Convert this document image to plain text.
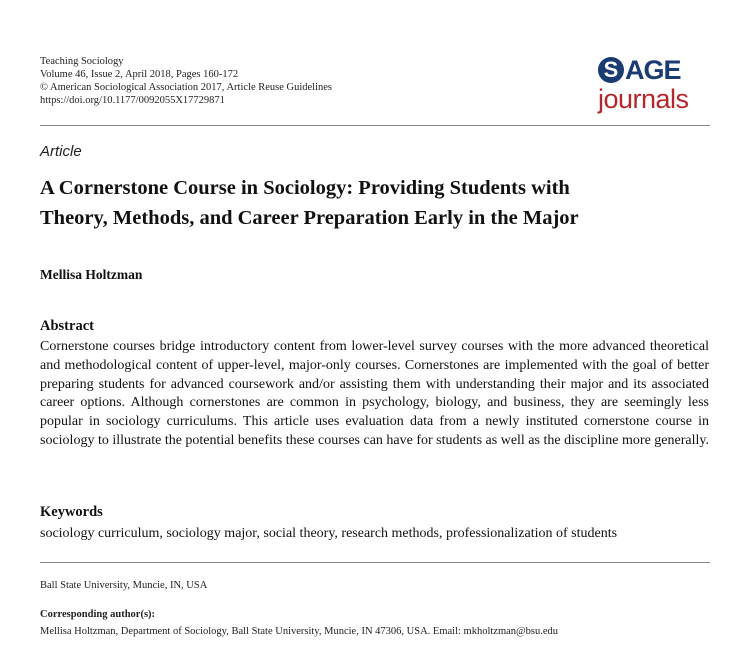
Teaching Sociology
Volume 46, Issue 2, April 2018, Pages 160-172
© American Sociological Association 2017, Article Reuse Guidelines
https://doi.org/10.1177/0092055X17729871
S AGE
journals
Article
A Cornerstone Course in Sociology: Providing Students with
Theory, Methods, and Career Preparation Early in the Major
Mellisa Holtzman
Abstract
Cornerstone courses bridge introductory content from lower-level survey courses with the more advanced theoretical and methodological content of upper-level, major-only courses. Cornerstones are implemented with the goal of better preparing students for advanced coursework and/or assisting them with understanding their major and its associated career options. Although cornerstones are common in psychology, biology, and business, they are seemingly less popular in sociology curriculums. This article uses evaluation data from a newly instituted cornerstone course in sociology to illustrate the potential benefits these courses can have for students as well as the discipline more generally.
Keywords
sociology curriculum, sociology major, social theory, research methods, professionalization of students
Ball State University, Muncie, IN, USA
Corresponding author(s):
Mellisa Holtzman, Department of Sociology, Ball State University, Muncie, IN 47306, USA. Email: mkholtzman@bsu.edu
